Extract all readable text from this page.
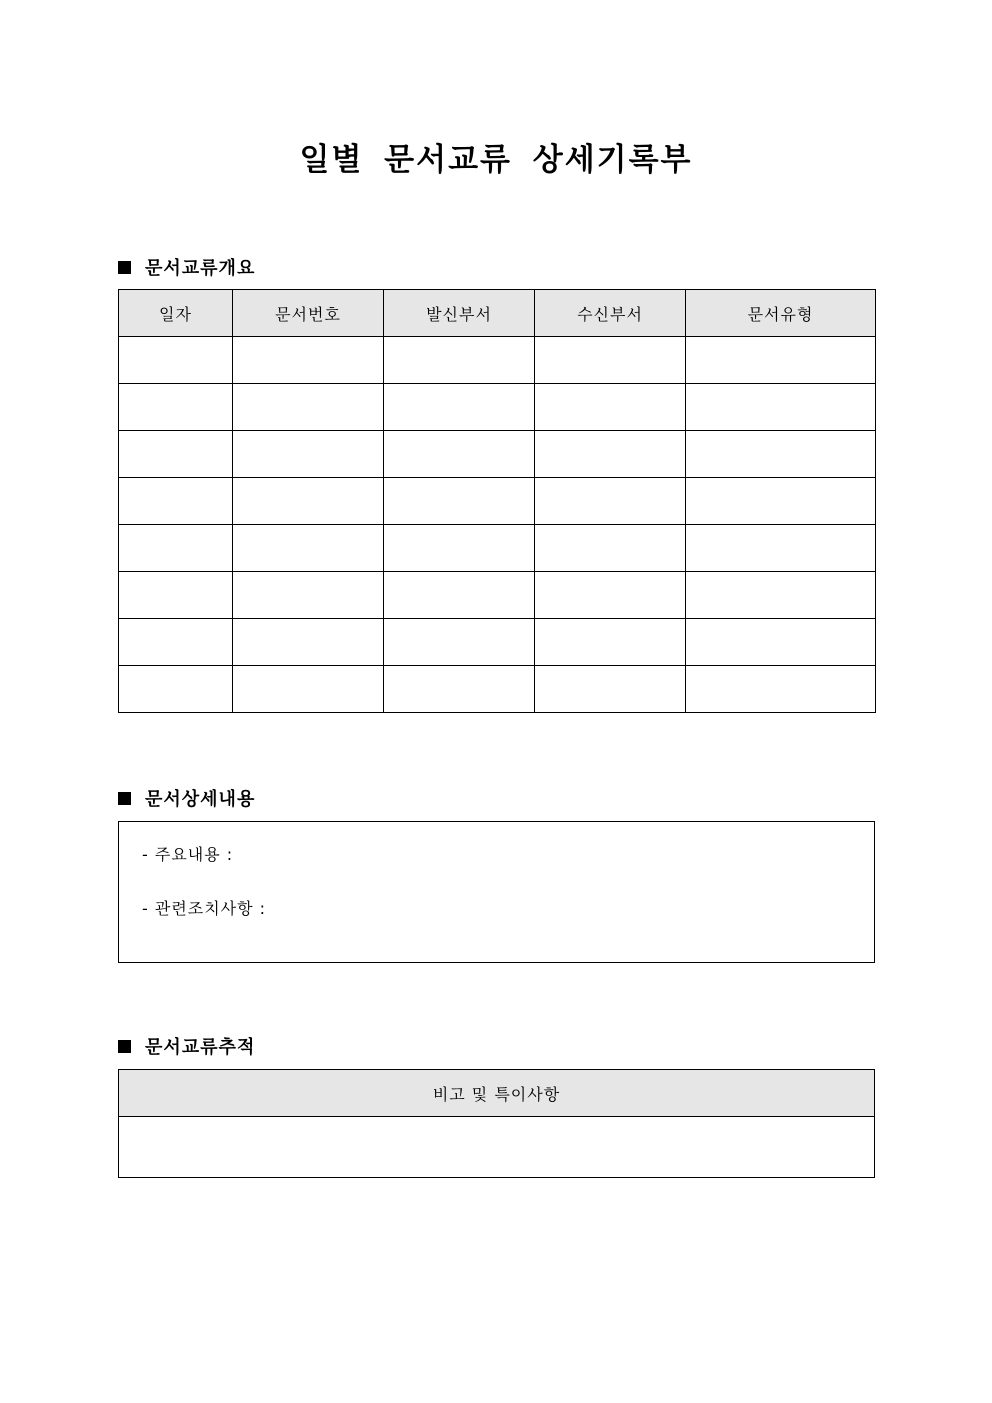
일별 문서교류 상세기록부
문서교류개요
일자	문서번호	발신부서	수신부서	문서유형

문서상세내용
- 주요내용 :
- 관련조치사항 :
문서교류추적
비고 및 특이사항
